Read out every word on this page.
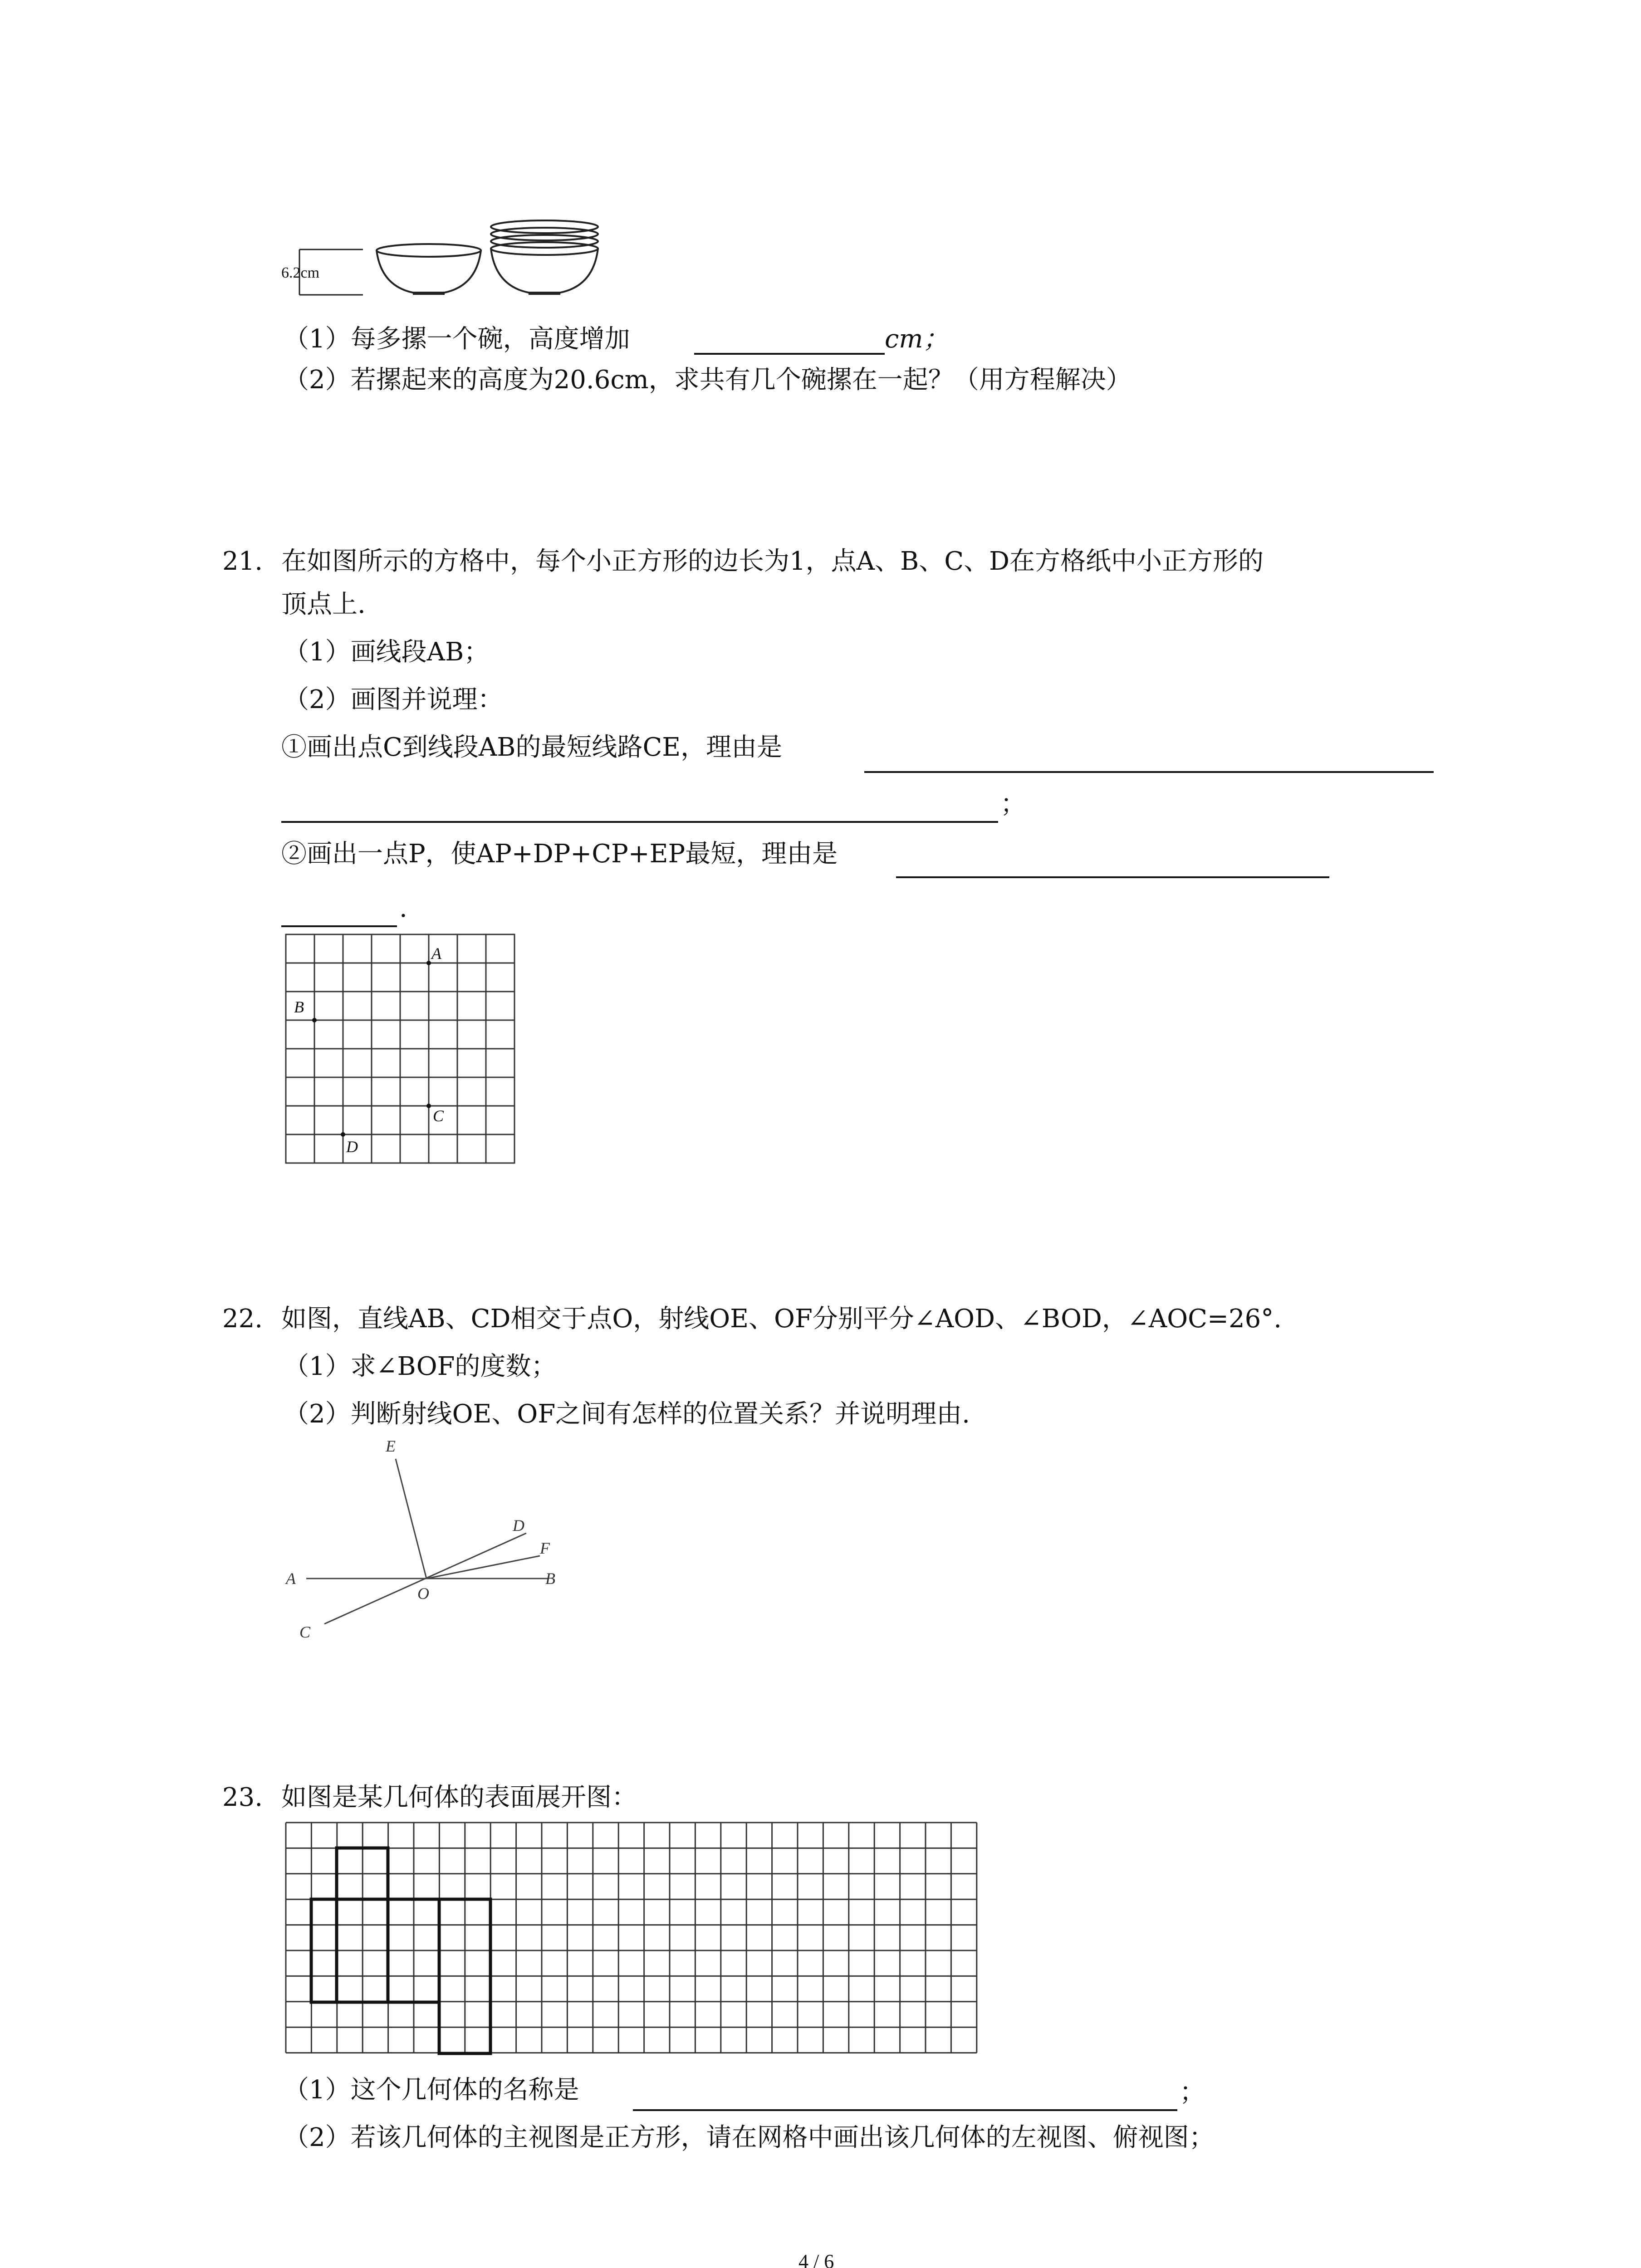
6.2cm
（1）每多摞一个碗，高度增加	cm；
（2）若摞起来的高度为20.6cm，求共有几个碗摞在一起？（用方程解决）
21. 在如图所示的方格中，每个小正方形的边长为1，点A、B、C、D在方格纸中小正方形的
顶点上.
（1）画线段AB；
（2）画图并说理：
①画出点C到线段AB的最短线路CE，理由是
；
②画出一点P，使AP+DP+CP+EP最短，理由是
.
A
B
C
D
22. 如图，直线AB、CD相交于点O，射线OE、OF分别平分∠AOD、∠BOD，∠AOC=26°.
（1）求∠BOF的度数；
（2）判断射线OE、OF之间有怎样的位置关系？并说明理由.
E
D
F
A
O
B
C
23. 如图是某几何体的表面展开图：
（1）这个几何体的名称是	；
（2）若该几何体的主视图是正方形，请在网格中画出该几何体的左视图、俯视图；
4 / 6
